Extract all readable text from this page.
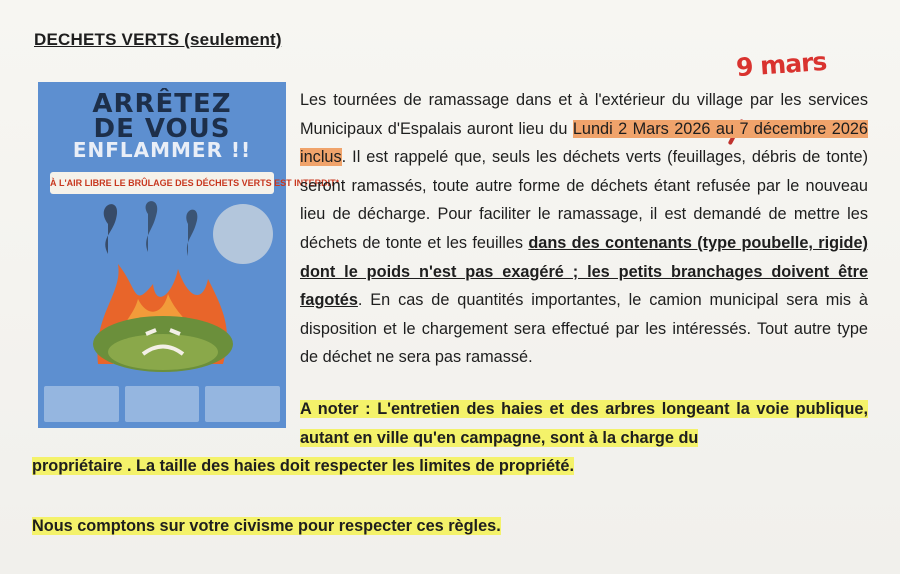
DECHETS VERTS (seulement)
9 mars
ARRÊTEZ
DE VOUS
ENFLAMMER !!
À L'AIR LIBRE LE BRÛLAGE DES DÉCHETS VERTS EST INTERDIT*

Les tournées de ramassage dans et à l'extérieur du village par les services Municipaux d'Espalais auront lieu du Lundi 2 Mars 2026 au 7 décembre 2026 inclus. Il est rappelé que, seuls les déchets verts (feuillages, débris de tonte) seront ramassés, toute autre forme de déchets étant refusée par le nouveau lieu de décharge. Pour faciliter le ramassage, il est demandé de mettre les déchets de tonte et les feuilles dans des contenants (type poubelle, rigide) dont le poids n'est pas exagéré ; les petits branchages doivent être fagotés. En cas de quantités importantes, le camion municipal sera mis à disposition et le chargement sera effectué par les intéressés. Tout autre type de déchet ne sera pas ramassé.

A noter : L'entretien des haies et des arbres longeant la voie publique, autant en ville qu'en campagne, sont à la charge du

propriétaire . La taille des haies doit respecter les limites de propriété.
Nous comptons sur votre civisme pour respecter ces règles.
